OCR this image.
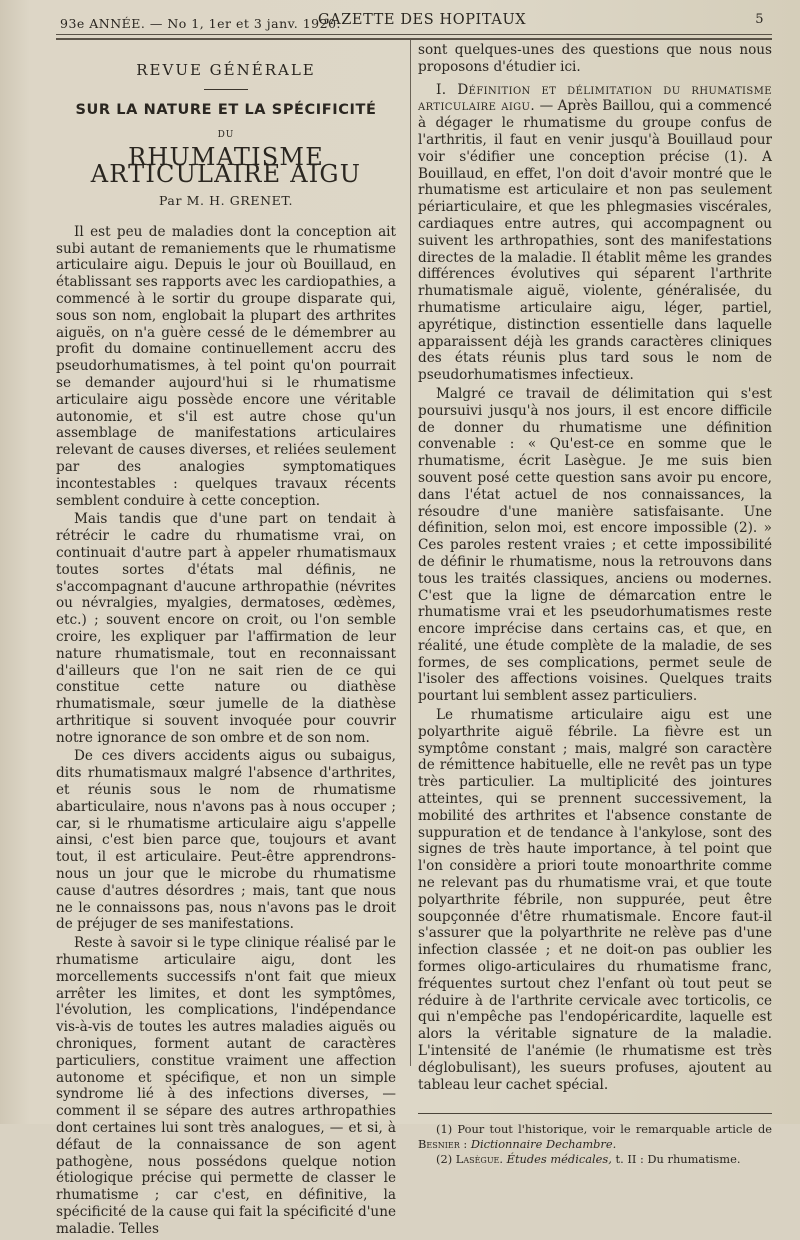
93e ANNÉE. — No 1, 1er et 3 janv. 1920.
GAZETTE DES HOPITAUX	5
REVUE GÉNÉRALE
SUR LA NATURE ET LA SPÉCIFICITÉ
DU
RHUMATISME ARTICULAIRE AIGU
Par M. H. GRENET.

Il est peu de maladies dont la conception ait subi autant de remaniements que le rhumatisme articulaire aigu. Depuis le jour où Bouillaud, en établissant ses rapports avec les cardiopathies, a commencé à le sortir du groupe disparate qui, sous son nom, englobait la plupart des arthrites aiguës, on n'a guère cessé de le démembrer au profit du domaine continuellement accru des pseudorhumatismes, à tel point qu'on pourrait se demander aujourd'hui si le rhumatisme articulaire aigu possède encore une véritable autonomie, et s'il est autre chose qu'un assemblage de manifestations articulaires relevant de causes diverses, et reliées seulement par des analogies symptomatiques incontestables : quelques travaux récents semblent conduire à cette conception.

Mais tandis que d'une part on tendait à rétrécir le cadre du rhumatisme vrai, on continuait d'autre part à appeler rhumatismaux toutes sortes d'états mal définis, ne s'accompagnant d'aucune arthropathie (névrites ou névralgies, myalgies, dermatoses, œdèmes, etc.) ; souvent encore on croit, ou l'on semble croire, les expliquer par l'affirmation de leur nature rhumatismale, tout en reconnaissant d'ailleurs que l'on ne sait rien de ce qui constitue cette nature ou diathèse rhumatismale, sœur jumelle de la diathèse arthritique si souvent invoquée pour couvrir notre ignorance de son ombre et de son nom.

De ces divers accidents aigus ou subaigus, dits rhumatismaux malgré l'absence d'arthrites, et réunis sous le nom de rhumatisme abarticulaire, nous n'avons pas à nous occuper ; car, si le rhumatisme articulaire aigu s'appelle ainsi, c'est bien parce que, toujours et avant tout, il est articulaire. Peut-être apprendrons-nous un jour que le microbe du rhumatisme cause d'autres désordres ; mais, tant que nous ne le connaissons pas, nous n'avons pas le droit de préjuger de ses manifestations.

Reste à savoir si le type clinique réalisé par le rhumatisme articulaire aigu, dont les morcellements successifs n'ont fait que mieux arrêter les limites, et dont les symptômes, l'évolution, les complications, l'indépendance vis-à-vis de toutes les autres maladies aiguës ou chroniques, forment autant de caractères particuliers, constitue vraiment une affection autonome et spécifique, et non un simple syndrome lié à des infections diverses, — comment il se sépare des autres arthropathies dont certaines lui sont très analogues, — et si, à défaut de la connaissance de son agent pathogène, nous possédons quelque notion étiologique précise qui permette de classer le rhumatisme ; car c'est, en définitive, la spécificité de la cause qui fait la spécificité d'une maladie. Telles

sont quelques-unes des questions que nous nous proposons d'étudier ici.

I. Définition et délimitation du rhumatisme articulaire aigu. — Après Baillou, qui a commencé à dégager le rhumatisme du groupe confus de l'arthritis, il faut en venir jusqu'à Bouillaud pour voir s'édifier une conception précise (1). A Bouillaud, en effet, l'on doit d'avoir montré que le rhumatisme est articulaire et non pas seulement périarticulaire, et que les phlegmasies viscérales, cardiaques entre autres, qui accompagnent ou suivent les arthropathies, sont des manifestations directes de la maladie. Il établit même les grandes différences évolutives qui séparent l'arthrite rhumatismale aiguë, violente, généralisée, du rhumatisme articulaire aigu, léger, partiel, apyrétique, distinction essentielle dans laquelle apparaissent déjà les grands caractères cliniques des états réunis plus tard sous le nom de pseudorhumatismes infectieux.

Malgré ce travail de délimitation qui s'est poursuivi jusqu'à nos jours, il est encore difficile de donner du rhumatisme une définition convenable : « Qu'est-ce en somme que le rhumatisme, écrit Lasègue. Je me suis bien souvent posé cette question sans avoir pu encore, dans l'état actuel de nos connaissances, la résoudre d'une manière satisfaisante. Une définition, selon moi, est encore impossible (2). » Ces paroles restent vraies ; et cette impossibilité de définir le rhumatisme, nous la retrouvons dans tous les traités classiques, anciens ou modernes. C'est que la ligne de démarcation entre le rhumatisme vrai et les pseudorhumatismes reste encore imprécise dans certains cas, et que, en réalité, une étude complète de la maladie, de ses formes, de ses complications, permet seule de l'isoler des affections voisines. Quelques traits pourtant lui semblent assez particuliers.

Le rhumatisme articulaire aigu est une polyarthrite aiguë fébrile. La fièvre est un symptôme constant ; mais, malgré son caractère de rémittence habituelle, elle ne revêt pas un type très particulier. La multiplicité des jointures atteintes, qui se prennent successivement, la mobilité des arthrites et l'absence constante de suppuration et de tendance à l'ankylose, sont des signes de très haute importance, à tel point que l'on considère a priori toute monoarthrite comme ne relevant pas du rhumatisme vrai, et que toute polyarthrite fébrile, non suppurée, peut être soupçonnée d'être rhumatismale. Encore faut-il s'assurer que la polyarthrite ne relève pas d'une infection classée ; et ne doit-on pas oublier les formes oligo-articulaires du rhumatisme franc, fréquentes surtout chez l'enfant où tout peut se réduire à de l'arthrite cervicale avec torticolis, ce qui n'empêche pas l'endopéricardite, laquelle est alors la véritable signature de la maladie. L'intensité de l'anémie (le rhumatisme est très déglobulisant), les sueurs profuses, ajoutent au tableau leur cachet spécial.

(1) Pour tout l'historique, voir le remarquable article de Besnier : Dictionnaire Dechambre.

(2) Lasègue. Études médicales, t. II : Du rhumatisme.
